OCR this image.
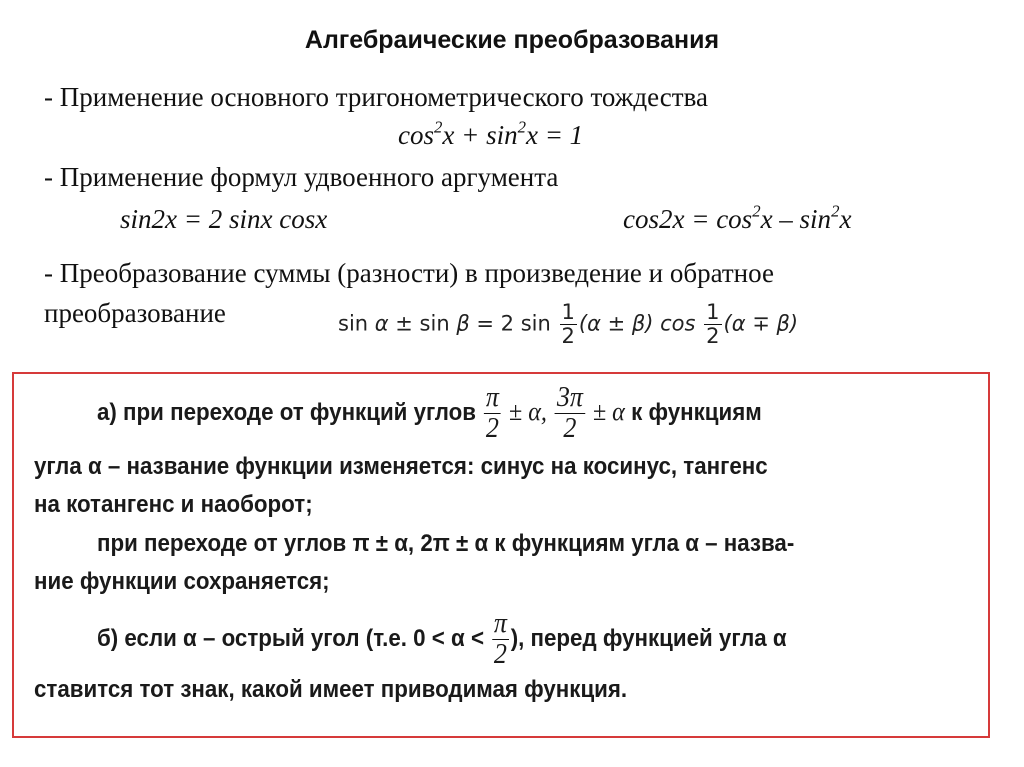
Алгебраические преобразования
- Применение основного тригонометрического тождества
$\cos^2x + \sin^2x = 1$
- Применение формул удвоенного аргумента
sin2x = 2 sinx cosx	$\cos 2x = \cos^2x - \sin^2x$
- Преобразование суммы (разности) в произведение и обратное
преобразование	sin α ± sin β = 2 $\sin \frac{1}{2} (\alpha \pm \beta)$ $\cos \frac{1}{2} (\alpha \mp \beta)$
а) при переходе от функций углов $\frac{\pi}{2} \pm \alpha$, $\frac{3\pi}{2} \pm \alpha$ к функциям
угла α – название функции изменяется: синус на косинус, тангенс
на котангенс и наоборот;
при переходе от углов π ± α, 2π ± α к функциям угла α – назва-
ние функции сохраняется;
б) если α – острый угол (т.е. $0 < \alpha < \frac{\pi}{2}$ ), перед функцией угла α
ставится тот знак, какой имеет приводимая функция.
